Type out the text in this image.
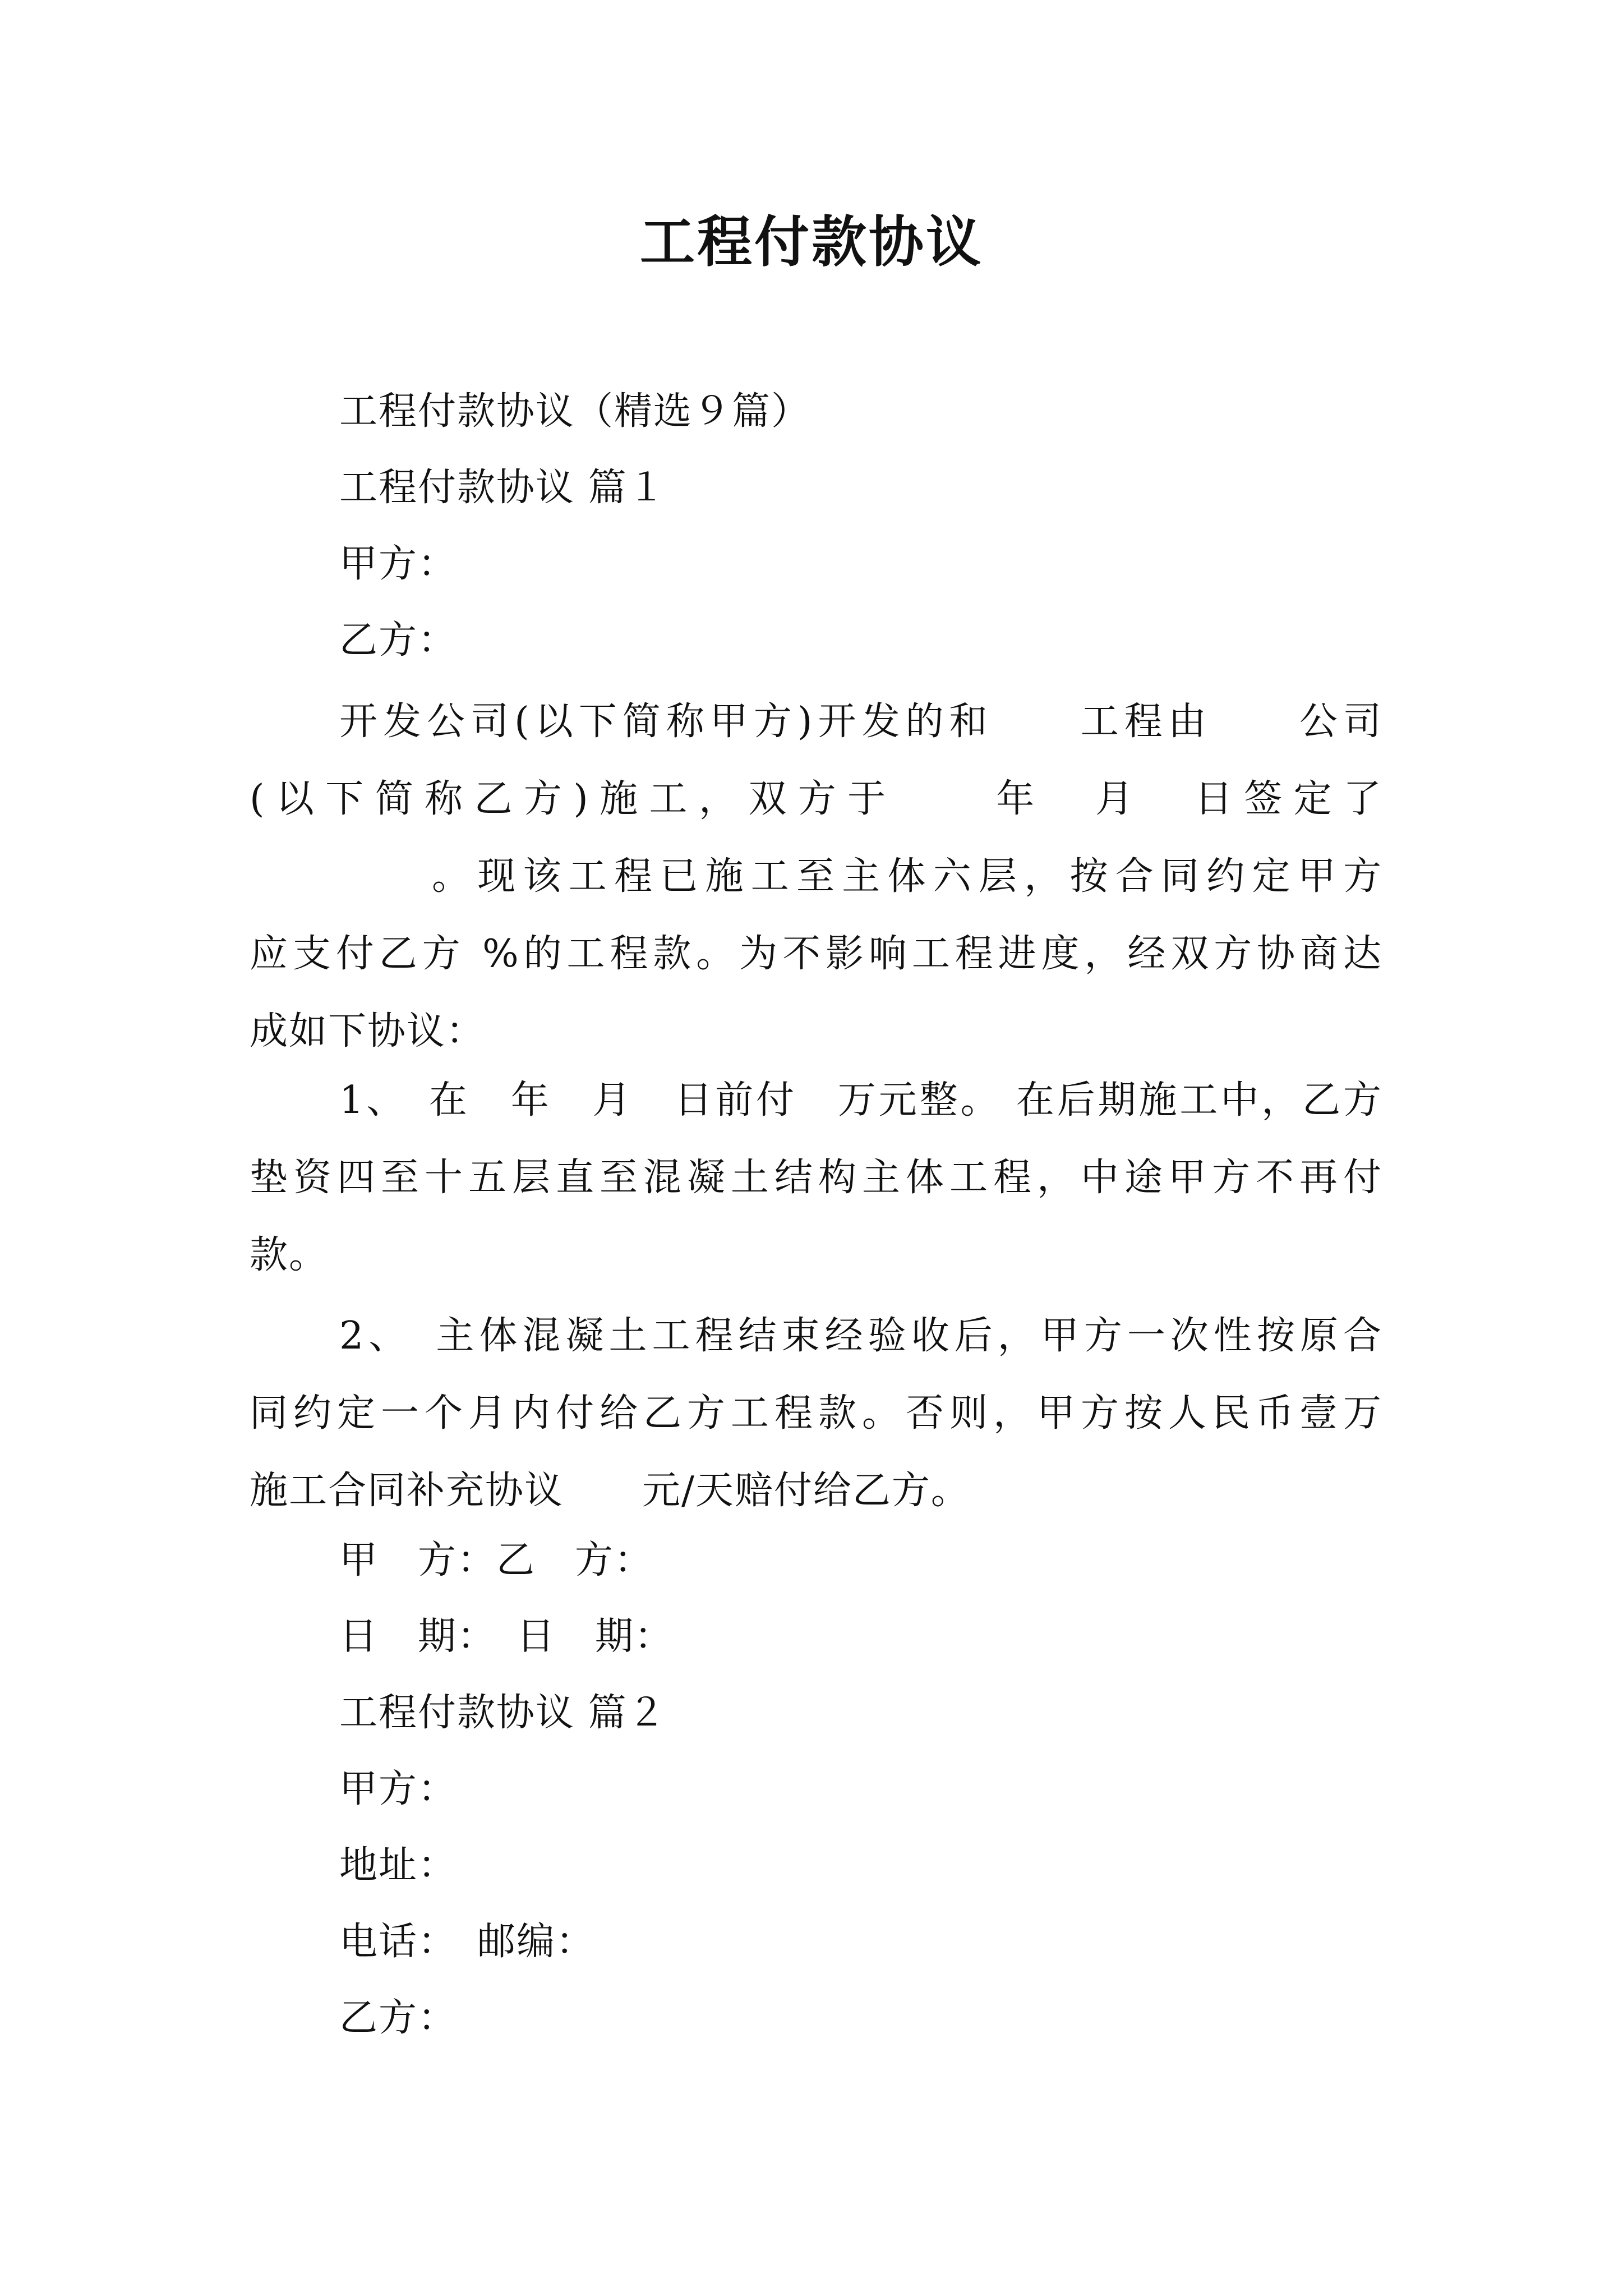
工程付款协议
工程付款协议（精选９篇）
工程付款协议 篇１
甲方：
乙方：
开发公司(以下简称甲方)开发的和　　工程由　　公司
(以下简称乙方)施工，双方于　　年　月　日签定了
　　　　。现该工程已施工至主体六层，按合同约定甲方
应支付乙方 %的工程款。为不影响工程进度，经双方协商达
成如下协议：
1、　在　年　月　日前付　万元整。 在后期施工中，乙方
垫资四至十五层直至混凝土结构主体工程，中途甲方不再付
款。
2、　主体混凝土工程结束经验收后，甲方一次性按原合
同约定一个月内付给乙方工程款。否则，甲方按人民币壹万
施工合同补充协议　　元/天赔付给乙方。
甲　方：乙　方：
日　期：　日　期：
工程付款协议 篇２
甲方：
地址：
电话：　邮编：
乙方：
